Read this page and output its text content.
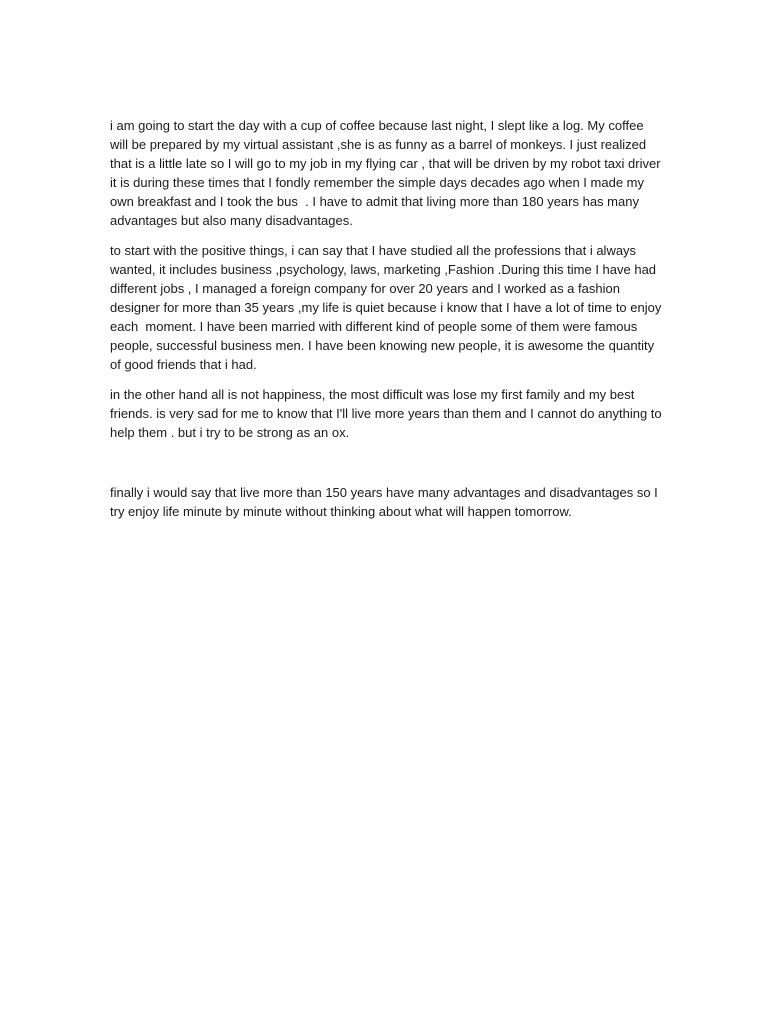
i am going to start the day with a cup of coffee because last night, I slept like a log. My coffee will be prepared by my virtual assistant ,she is as funny as a barrel of monkeys. I just realized that is a little late so I will go to my job in my flying car , that will be driven by my robot taxi driver it is during these times that I fondly remember the simple days decades ago when I made my own breakfast and I took the bus  . I have to admit that living more than 180 years has many advantages but also many disadvantages.

to start with the positive things, i can say that I have studied all the professions that i always wanted, it includes business ,psychology, laws, marketing ,Fashion .During this time I have had different jobs , I managed a foreign company for over 20 years and I worked as a fashion designer for more than 35 years ,my life is quiet because i know that I have a lot of time to enjoy  each  moment. I have been married with different kind of people some of them were famous people, successful business men. I have been knowing new people, it is awesome the quantity of good friends that i had.

in the other hand all is not happiness, the most difficult was lose my first family and my best friends. is very sad for me to know that I'll live more years than them and I cannot do anything to help them . but i try to be strong as an ox.

finally i would say that live more than 150 years have many advantages and disadvantages so I try enjoy life minute by minute without thinking about what will happen tomorrow.
